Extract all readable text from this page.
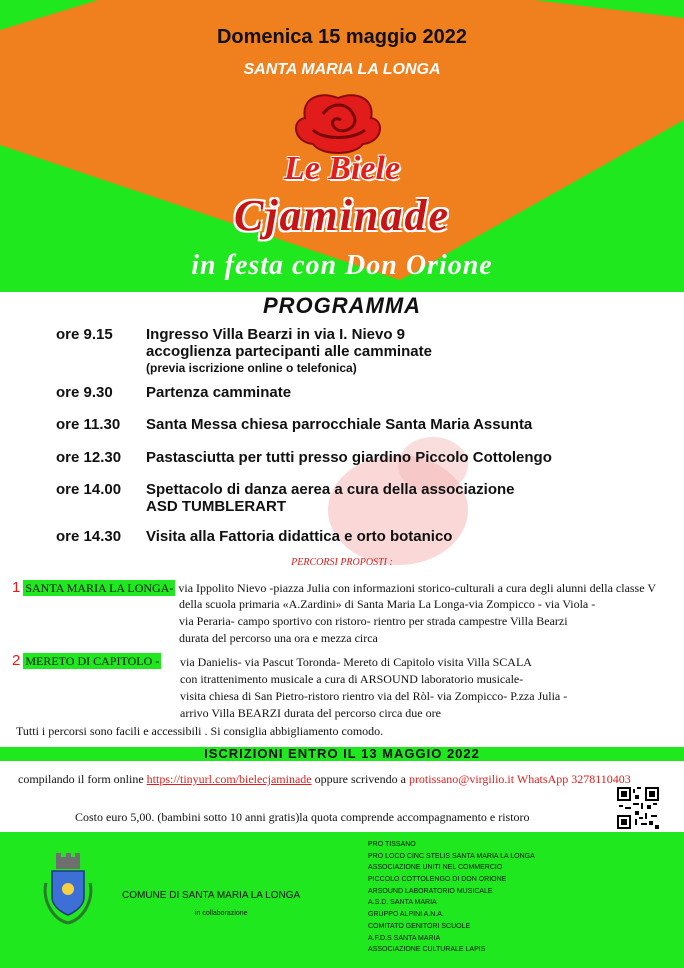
Domenica 15 maggio 2022
SANTA MARIA LA LONGA
Le Biele
Cjaminade
in festa con Don Orione
PROGRAMMA
ore 9.15 Ingresso Villa Bearzi in via I. Nievo 9
accoglienza partecipanti alle camminate
(previa iscrizione online o telefonica)
ore 9.30 Partenza camminate
ore 11.30 Santa Messa chiesa parrocchiale Santa Maria Assunta
ore 12.30 Pastasciutta per tutti presso giardino Piccolo Cottolengo
ore 14.00 Spettacolo di danza aerea a cura della associazione
ASD TUMBLERART
ore 14.30 Visita alla Fattoria didattica e orto botanico
PERCORSI PROPOSTI :
1 SANTA MARIA LA LONGA- via Ippolito Nievo -piazza Julia con informazioni storico-culturali a cura degli alunni della classe V
della scuola primaria «A.Zardini» di Santa Maria La Longa-via Zompicco - via Viola -
via Peraria- campo sportivo con ristoro- rientro per strada campestre Villa Bearzi
durata del percorso una ora e mezza circa
2 MERETO DI CAPITOLO - via Danielis- via Pascut Toronda- Mereto di Capitolo visita Villa SCALA
con itrattenimento musicale a cura di ARSOUND laboratorio musicale-
visita chiesa di San Pietro-ristoro rientro via del Ròl- via Zompicco- P.zza Julia -
arrivo Villa BEARZI durata del percorso circa due ore
Tutti i percorsi sono facili e accessibili . Si consiglia abbigliamento comodo.
ISCRIZIONI ENTRO IL 13 MAGGIO 2022
compilando il form online https://tinyurl.com/bielecjaminade oppure scrivendo a protissano@virgilio.it WhatsApp 3278110403
Costo euro 5,00. (bambini sotto 10 anni gratis)la quota comprende accompagnamento e ristoro
COMUNE DI SANTA MARIA LA LONGA
in collaborazione
PRO TISSANO
PRO LOCO CINC STELIS SANTA MARIA LA LONGA
ASSOCIAZIONE UNITI NEL COMMERCIO
PICCOLO COTTOLENGO DI DON ORIONE
ARSOUND LABORATORIO MUSICALE
A.S.D. SANTA MARIA
GRUPPO ALPINI A.N.A.
COMITATO GENITORI SCUOLE
A.F.D.S SANTA MARIA
ASSOCIAZIONE CULTURALE LAPIS
